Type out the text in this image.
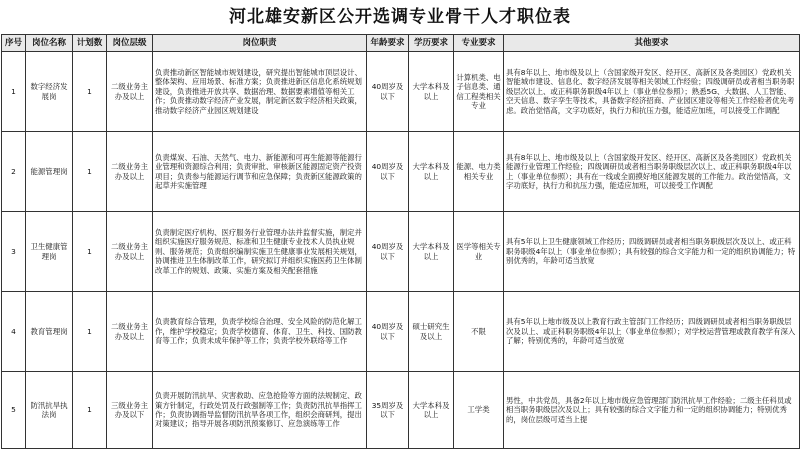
河北雄安新区公开选调专业骨干人才职位表
序号	岗位名称	计划数	岗位层级	岗位职责	年龄要求	学历要求	专业要求	其他要求
1	数字经济发展岗	1	二级业务主办及以上	负责推动新区智能城市规划建设，研究提出智能城市顶层设计、整体架构、应用场景、标准方案；负责推进新区信息化系统规划建设，负责推进开放共享、数据治理、数据要素增值等相关工作；负责推动数字经济产业发展，制定新区数字经济相关政策，推动数字经济产业园区规划建设	40周岁及以下	大学本科及以上	计算机类、电子信息类、通信工程类相关专业	具有8年以上、地市级及以上（含国家级开发区、经开区、高新区及各类园区）党政机关智能城市建设、信息化、数字经济发展等相关领域工作经验；四级调研员或者相当职务职级层次以上、或正科职务职级4年以上（事业单位参照）；熟悉5G、大数据、人工智能、空天信息、数字孪生等技术，具备数字经济招商、产业园区建设等相关工作经验者优先考虑。政治觉悟高，文字功底好，执行力和抗压力强，能适应加班，可以接受工作调配
2	能源管理岗	1	二级业务主办及以上	负责煤炭、石油、天然气、电力、新能源和可再生能源等能源行业管理和资源综合利用；负责审批、审核新区能源固定资产投资项目；负责参与能源运行调节和应急保障；负责新区能源政策的起草并实施管理	40周岁及以下	大学本科及以上	能源、电力类相关专业	具有8年以上、地市级及以上（含国家级开发区、经开区、高新区及各类园区）党政机关能源行业管理工作经验；四级调研员或者相当职务职级层次以上、或正科职务职级4年以上（事业单位参照）；具有在一线或全面摸好地区能源发展的工作能力。政治觉悟高，文字功底好，执行力和抗压力强，能适应加班，可以接受工作调配
3	卫生健康管理岗	1	二级业务主办及以上	负责制定医疗机构、医疗服务行业管理办法并监督实施，制定并组织实施医疗服务规范、标准和卫生健康专业技术人员执业规则、服务规范；负责组织编制实施卫生健康事业发展相关规划，协调推进卫生体制改革工作，研究拟订并组织实施医药卫生体制改革工作的规划、政策、实施方案及相关配套措施	40周岁及以下	大学本科及以上	医学等相关专业	具有5年以上卫生健康领域工作经历；四级调研员或者相当职务职级层次及以上、或正科职务职级4年以上（事业单位参照）；具有较强的综合文字能力和一定的组织协调能力；特别优秀的，年龄可适当放宽
4	教育管理岗	1	二级业务主办及以上	负责教育综合管理，负责学校综合治理、安全风险的防范化解工作，维护学校稳定；负责学校德育、体育、卫生、科技、国防教育等工作；负责未成年保护等工作；负责学校外联络等工作	40周岁及以下	硕士研究生及以上	不限	具有5年以上地市级及以上教育行政主管部门工作经历；四级调研员或者相当职务职级层次及以上、或正科职务职级4年以上（事业单位参照）；对学校运营管理或教育教学有深入了解；特别优秀的，年龄可适当放宽
5	防汛抗旱执法岗	1	三级业务主办及以下	负责开展防汛抗旱、灾害救助、应急抢险等方面的法规制定、政策方针制定，行政处罚及行政强制等工作；负责防汛抗旱指挥工作；负责协调指导监督防汛抗旱各项工作，组织会商研判，提出对策建议；指导开展各项防汛预案修订、应急演练等工作	35周岁及以下	大学本科及以上	工学类	男性，中共党员，具备2年以上地市级应急管理部门防汛抗旱工作经验；二级主任科员或相当职务职级层次及以上；具有较强的综合文字能力和一定的组织协调能力；特别优秀的，岗位层级可适当上提
